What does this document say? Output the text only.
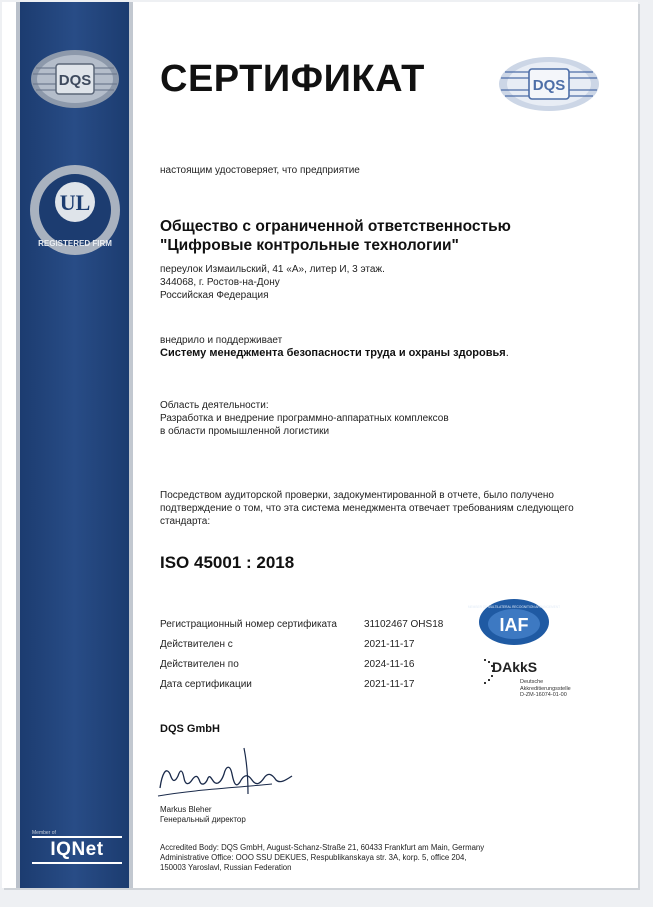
DQS
UL
REGISTERED FIRM
Member of
IQNet
СЕРТИФИКАТ	DQS
настоящим удостоверяет, что предприятие
Общество с ограниченной ответственностью
"Цифровые контрольные технологии"
переулок Измаильский, 41 «А», литер И, 3 этаж.
344068, г. Ростов-на-Дону
Российская Федерация
внедрило и поддерживает
Систему менеджмента безопасности труда и охраны здоровья.
Область деятельности:
Разработка и внедрение программно-аппаратных комплексов
в области промышленной логистики
Посредством аудиторской проверки, задокументированной в отчете, было получено
подтверждение о том, что эта система менеджмента отвечает требованиям следующего
стандарта:
ISO 45001 : 2018
Регистрационный номер сертификата	31102467 OHS18
Действителен с	2021-11-17
Действителен по	2024-11-16
Дата сертификации	2021-11-17
MEMBER OF MULTILATERAL RECOGNITION ARRANGEMENT
IAF
DAkkS
Deutsche
Akkreditierungsstelle
D-ZM-16074-01-00
DQS GmbH
Markus Bleher
Генеральный директор
Accredited Body: DQS GmbH, August-Schanz-Straße 21, 60433 Frankfurt am Main, Germany
Administrative Office: OOO SSU DEKUES, Respublikanskaya str. 3A, korp. 5, office 204,
150003 Yaroslavl, Russian Federation
